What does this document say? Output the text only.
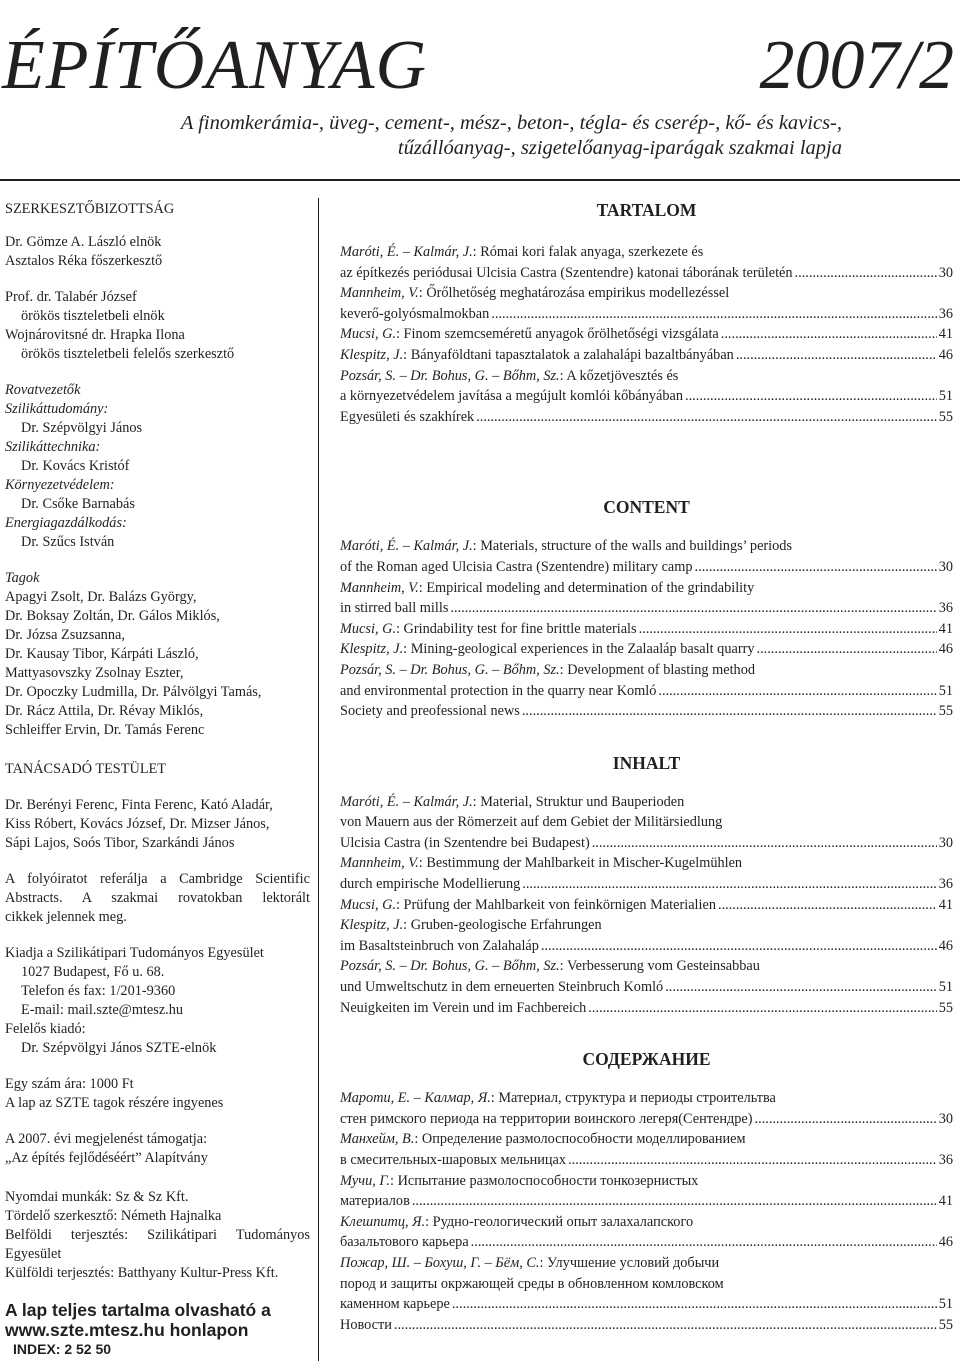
ÉPÍTŐANYAG	2007/2
A finomkerámia-, üveg-, cement-, mész-, beton-, tégla- és cserép-, kő- és kavics-,
tűzállóanyag-, szigetelőanyag-iparágak szakmai lapja
SZERKESZTŐBIZOTTSÁG
Dr. Gömze A. László elnök
Asztalos Réka főszerkesztő
Prof. dr. Talabér József
örökös tiszteletbeli elnök
Wojnárovitsné dr. Hrapka Ilona
örökös tiszteletbeli felelős szerkesztő
Rovatvezetők
Szilikáttudomány:
Dr. Szépvölgyi János
Szilikáttechnika:
Dr. Kovács Kristóf
Környezetvédelem:
Dr. Csőke Barnabás
Energiagazdálkodás:
Dr. Szűcs István
Tagok
Apagyi Zsolt, Dr. Balázs György,
Dr. Boksay Zoltán, Dr. Gálos Miklós,
Dr. Józsa Zsuzsanna,
Dr. Kausay Tibor, Kárpáti László,
Mattyasovszky Zsolnay Eszter,
Dr. Opoczky Ludmilla, Dr. Pálvölgyi Tamás,
Dr. Rácz Attila, Dr. Révay Miklós,
Schleiffer Ervin, Dr. Tamás Ferenc
TANÁCSADÓ TESTÜLET
Dr. Berényi Ferenc, Finta Ferenc, Kató Aladár,
Kiss Róbert, Kovács József, Dr. Mizser János,
Sápi Lajos, Soós Tibor, Szarkándi János
A folyóiratot referálja a Cambridge Scientific
Abstracts. A szakmai rovatokban lektorált
cikkek jelennek meg.
Kiadja a Szilikátipari Tudományos Egyesület
1027 Budapest, Fő u. 68.
Telefon és fax: 1/201-9360
E-mail: mail.szte@mtesz.hu
Felelős kiadó:
Dr. Szépvölgyi János SZTE-elnök
Egy szám ára: 1000 Ft
A lap az SZTE tagok részére ingyenes
A 2007. évi megjelenést támogatja:
„Az építés fejlődéséért” Alapítvány
Nyomdai munkák: Sz & Sz Kft.
Tördelő szerkesztő: Németh Hajnalka
Belföldi terjesztés: Szilikátipari Tudományos
Egyesület
Külföldi terjesztés: Batthyany Kultur-Press Kft.
A lap teljes tartalma olvasható a
www.szte.mtesz.hu honlapon
INDEX: 2 52 50
TARTALOM
Maróti, É. – Kalmár, J.: Római kori falak anyaga, szerkezete és
az építkezés periódusai Ulcisia Castra (Szentendre) katonai táborának területén .....	30
Mannheim, V.: Őrőlhetőség meghatározása empirikus modellezéssel
keverő-golyósmalmokban .....	36
Mucsi, G.: Finom szemcseméretű anyagok őrölhetőségi vizsgálata .....	41
Klespitz, J.: Bányaföldtani tapasztalatok a zalahalápi bazaltbányában .....	46
Pozsár, S. – Dr. Bohus, G. – Bőhm, Sz.: A kőzetjövesztés és
a környezetvédelem javítása a megújult komlói kőbányában .....	51
Egyesületi és szakhírek .....	55
CONTENT
Maróti, É. – Kalmár, J.: Materials, structure of the walls and buildings’ periods
of the Roman aged Ulcisia Castra (Szentendre) military camp .....	30
Mannheim, V.: Empirical modeling and determination of the grindability
in stirred ball mills .....	36
Mucsi, G.: Grindability test for fine brittle materials .....	41
Klespitz, J.: Mining-geological experiences in the Zalaaláp basalt quarry .....	46
Pozsár, S. – Dr. Bohus, G. – Bőhm, Sz.: Development of blasting method
and environmental protection in the quarry near Komló .....	51
Society and preofessional news .....	55
INHALT
Maróti, É. – Kalmár, J.: Material, Struktur und Bauperioden
von Mauern aus der Römerzeit auf dem Gebiet der Militärsiedlung
Ulcisia Castra (in Szentendre bei Budapest) .....	30
Mannheim, V.: Bestimmung der Mahlbarkeit in Mischer-Kugelmühlen
durch empirische Modellierung .....	36
Mucsi, G.: Prüfung der Mahlbarkeit von feinkörnigen Materialien .....	41
Klespitz, J.: Gruben-geologische Erfahrungen
im Basaltsteinbruch von Zalahaláp .....	46
Pozsár, S. – Dr. Bohus, G. – Bőhm, Sz.: Verbesserung vom Gesteinsabbau
und Umweltschutz in dem erneuerten Steinbruch Komló .....	51
Neuigkeiten im Verein und im Fachbereich .....	55
СОДЕРЖАНИЕ
Мароти, Е. – Калмар, Я.: Материал, структура и периоды строительтва
стен римского периода на территории воинского легеря(Сентендре) .....	30
Манхейм, В.: Определение размолоспособности моделлированием
в смесительных-шаровых мельницах .....	36
Мучи, Г.: Испытание размолоспособности тонкозернистых
материалов .....	41
Клешпитц, Я.: Рудно-геологический опыт залахалапского
базальтового карьера .....	46
Пожар, Ш. – Бохуш, Г. – Бём, С.: Улучшение условий добычи
пород и защиты окржающей среды в обновленном комловском
каменном карьере .....	51
Новости .....	55
